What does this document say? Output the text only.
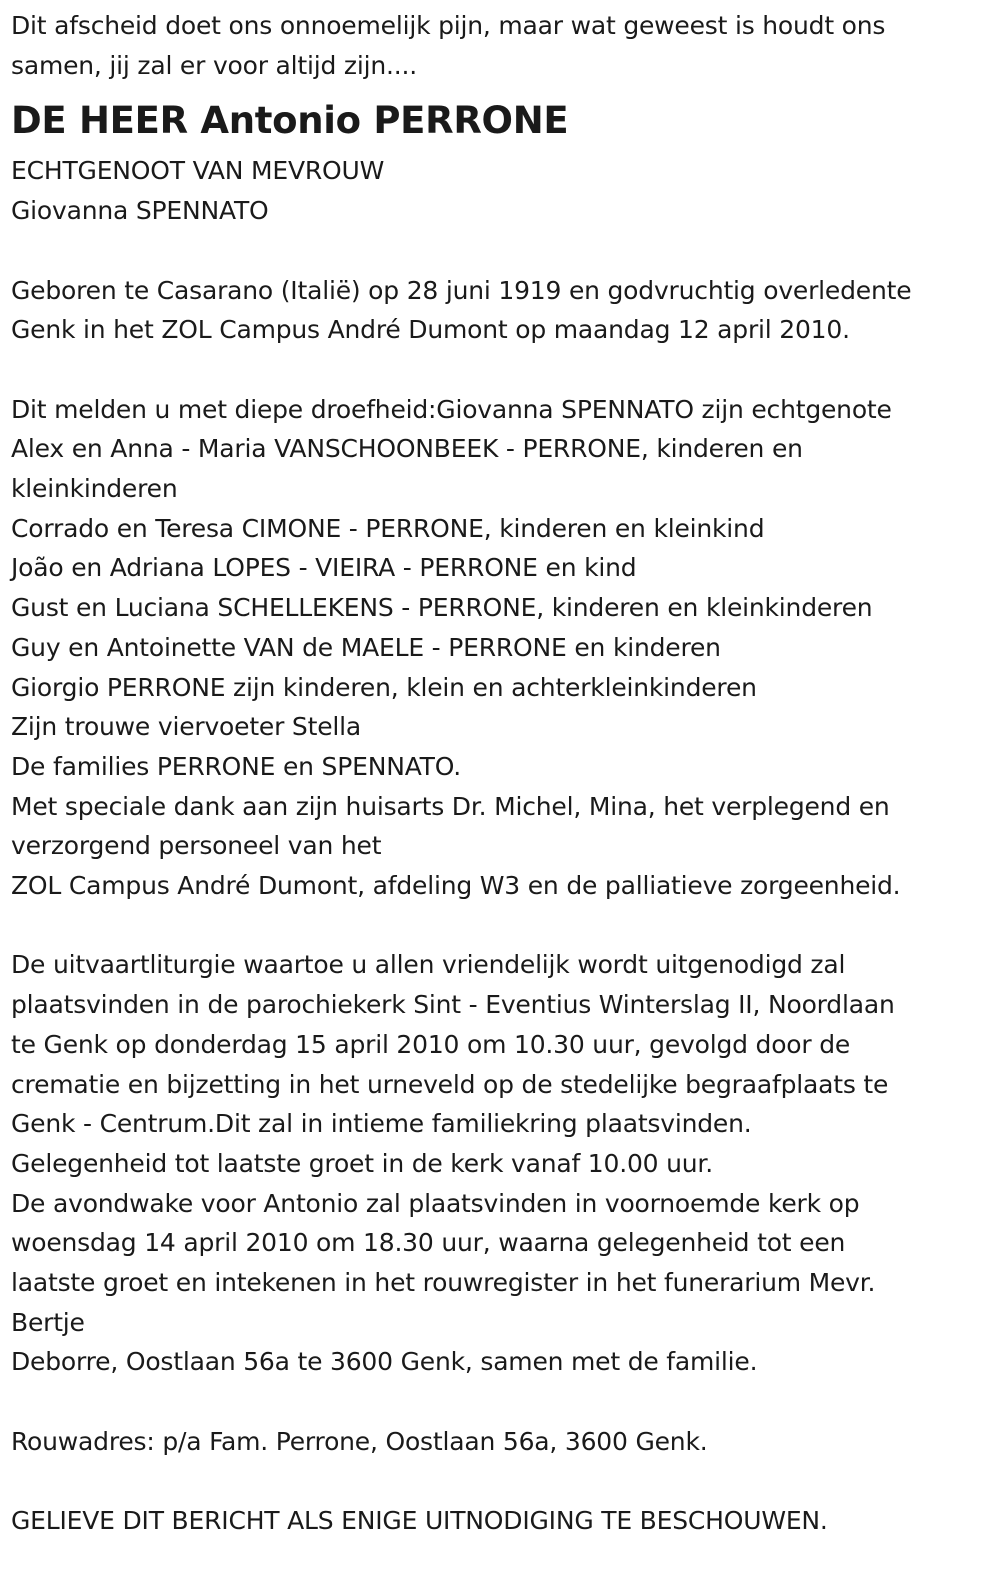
Dit afscheid doet ons onnoemelijk pijn, maar wat geweest is houdt ons
samen, jij zal er voor altijd zijn....
DE HEER Antonio PERRONE
ECHTGENOOT VAN MEVROUW
Giovanna SPENNATO
Geboren te Casarano (Italië) op 28 juni 1919 en godvruchtig overledente
Genk in het ZOL Campus André Dumont op maandag 12 april 2010.
Dit melden u met diepe droefheid:Giovanna SPENNATO zijn echtgenote
Alex en Anna - Maria VANSCHOONBEEK - PERRONE, kinderen en
kleinkinderen
Corrado en Teresa CIMONE - PERRONE, kinderen en kleinkind
João en Adriana LOPES - VIEIRA - PERRONE en kind
Gust en Luciana SCHELLEKENS - PERRONE, kinderen en kleinkinderen
Guy en Antoinette VAN de MAELE - PERRONE en kinderen
Giorgio PERRONE zijn kinderen, klein en achterkleinkinderen
Zijn trouwe viervoeter Stella
De families PERRONE en SPENNATO.
Met speciale dank aan zijn huisarts Dr. Michel, Mina, het verplegend en
verzorgend personeel van het
ZOL Campus André Dumont, afdeling W3 en de palliatieve zorgeenheid.
De uitvaartliturgie waartoe u allen vriendelijk wordt uitgenodigd zal
plaatsvinden in de parochiekerk Sint - Eventius Winterslag II, Noordlaan
te Genk op donderdag 15 april 2010 om 10.30 uur, gevolgd door de
crematie en bijzetting in het urneveld op de stedelijke begraafplaats te
Genk - Centrum.Dit zal in intieme familiekring plaatsvinden.
Gelegenheid tot laatste groet in de kerk vanaf 10.00 uur.
De avondwake voor Antonio zal plaatsvinden in voornoemde kerk op
woensdag 14 april 2010 om 18.30 uur, waarna gelegenheid tot een
laatste groet en intekenen in het rouwregister in het funerarium Mevr.
Bertje
Deborre, Oostlaan 56a te 3600 Genk, samen met de familie.
Rouwadres: p/a Fam. Perrone, Oostlaan 56a, 3600 Genk.
GELIEVE DIT BERICHT ALS ENIGE UITNODIGING TE BESCHOUWEN.
